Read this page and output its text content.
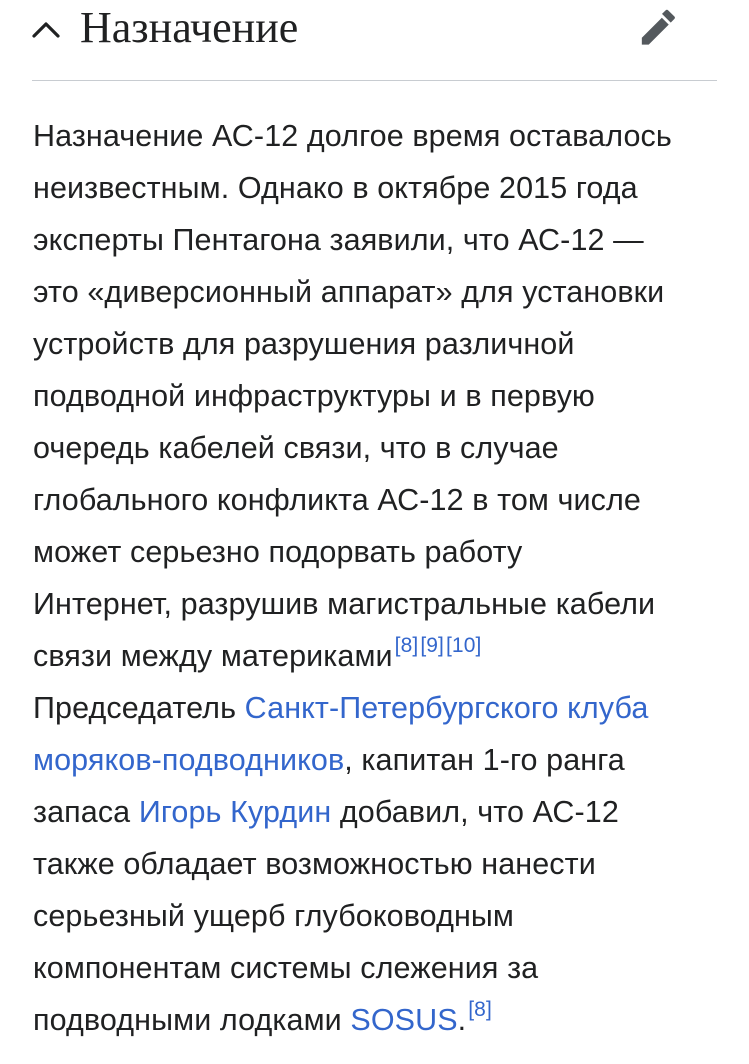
Назначение

Назначение АС-12 долгое время оставалось
неизвестным. Однако в октябре 2015 года
эксперты Пентагона заявили, что АС-12 —
это «диверсионный аппарат» для установки
устройств для разрушения различной
подводной инфраструктуры и в первую
очередь кабелей связи, что в случае
глобального конфликта АС-12 в том числе
может серьезно подорвать работу
Интернет, разрушив магистральные кабели
связи между материками[8][9][10]
Председатель Санкт-Петербургского клуба
моряков-подводников, капитан 1-го ранга
запаса Игорь Курдин добавил, что АС-12
также обладает возможностью нанести
серьезный ущерб глубоководным
компонентам системы слежения за
подводными лодками SOSUS.[8]
